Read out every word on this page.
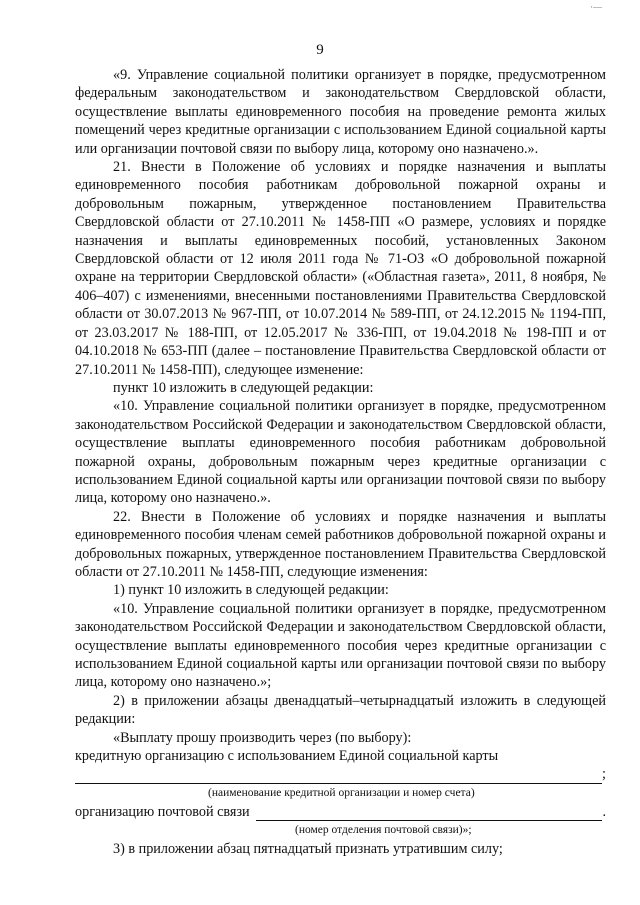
·—
9

«9. Управление социальной политики организует в порядке, предусмотренном федеральным законодательством и законодательством Свердловской области, осуществление выплаты единовременного пособия на проведение ремонта жилых помещений через кредитные организации с использованием Единой социальной карты или организации почтовой связи по выбору лица, которому оно назначено.».

21. Внести в Положение об условиях и порядке назначения и выплаты единовременного пособия работникам добровольной пожарной охраны и добровольным пожарным, утвержденное постановлением Правительства Свердловской области от 27.10.2011 № 1458-ПП «О размере, условиях и порядке назначения и выплаты единовременных пособий, установленных Законом Свердловской области от 12 июля 2011 года № 71-ОЗ «О добровольной пожарной охране на территории Свердловской области» («Областная газета», 2011, 8 ноября, № 406–407) с изменениями, внесенными постановлениями Правительства Свердловской области от 30.07.2013 № 967-ПП, от 10.07.2014 № 589-ПП, от 24.12.2015 № 1194-ПП, от 23.03.2017 № 188-ПП, от 12.05.2017 № 336-ПП, от 19.04.2018 № 198-ПП и от 04.10.2018 № 653-ПП (далее – постановление Правительства Свердловской области от 27.10.2011 № 1458-ПП), следующее изменение:

пункт 10 изложить в следующей редакции:

«10. Управление социальной политики организует в порядке, предусмотренном законодательством Российской Федерации и законодательством Свердловской области, осуществление выплаты единовременного пособия работникам добровольной пожарной охраны, добровольным пожарным через кредитные организации с использованием Единой социальной карты или организации почтовой связи по выбору лица, которому оно назначено.».

22. Внести в Положение об условиях и порядке назначения и выплаты единовременного пособия членам семей работников добровольной пожарной охраны и добровольных пожарных, утвержденное постановлением Правительства Свердловской области от 27.10.2011 № 1458-ПП, следующие изменения:

1) пункт 10 изложить в следующей редакции:

«10. Управление социальной политики организует в порядке, предусмотренном законодательством Российской Федерации и законодательством Свердловской области, осуществление выплаты единовременного пособия через кредитные организации с использованием Единой социальной карты или организации почтовой связи по выбору лица, которому оно назначено.»;

2) в приложении абзацы двенадцатый–четырнадцатый изложить в следующей редакции:

«Выплату прошу производить через (по выбору):

кредитную организацию с использованием Единой социальной карты

;
(наименование кредитной организации и номер счета)
организацию почтовой связи	.
(номер отделения почтовой связи)»;

3) в приложении абзац пятнадцатый признать утратившим силу;
